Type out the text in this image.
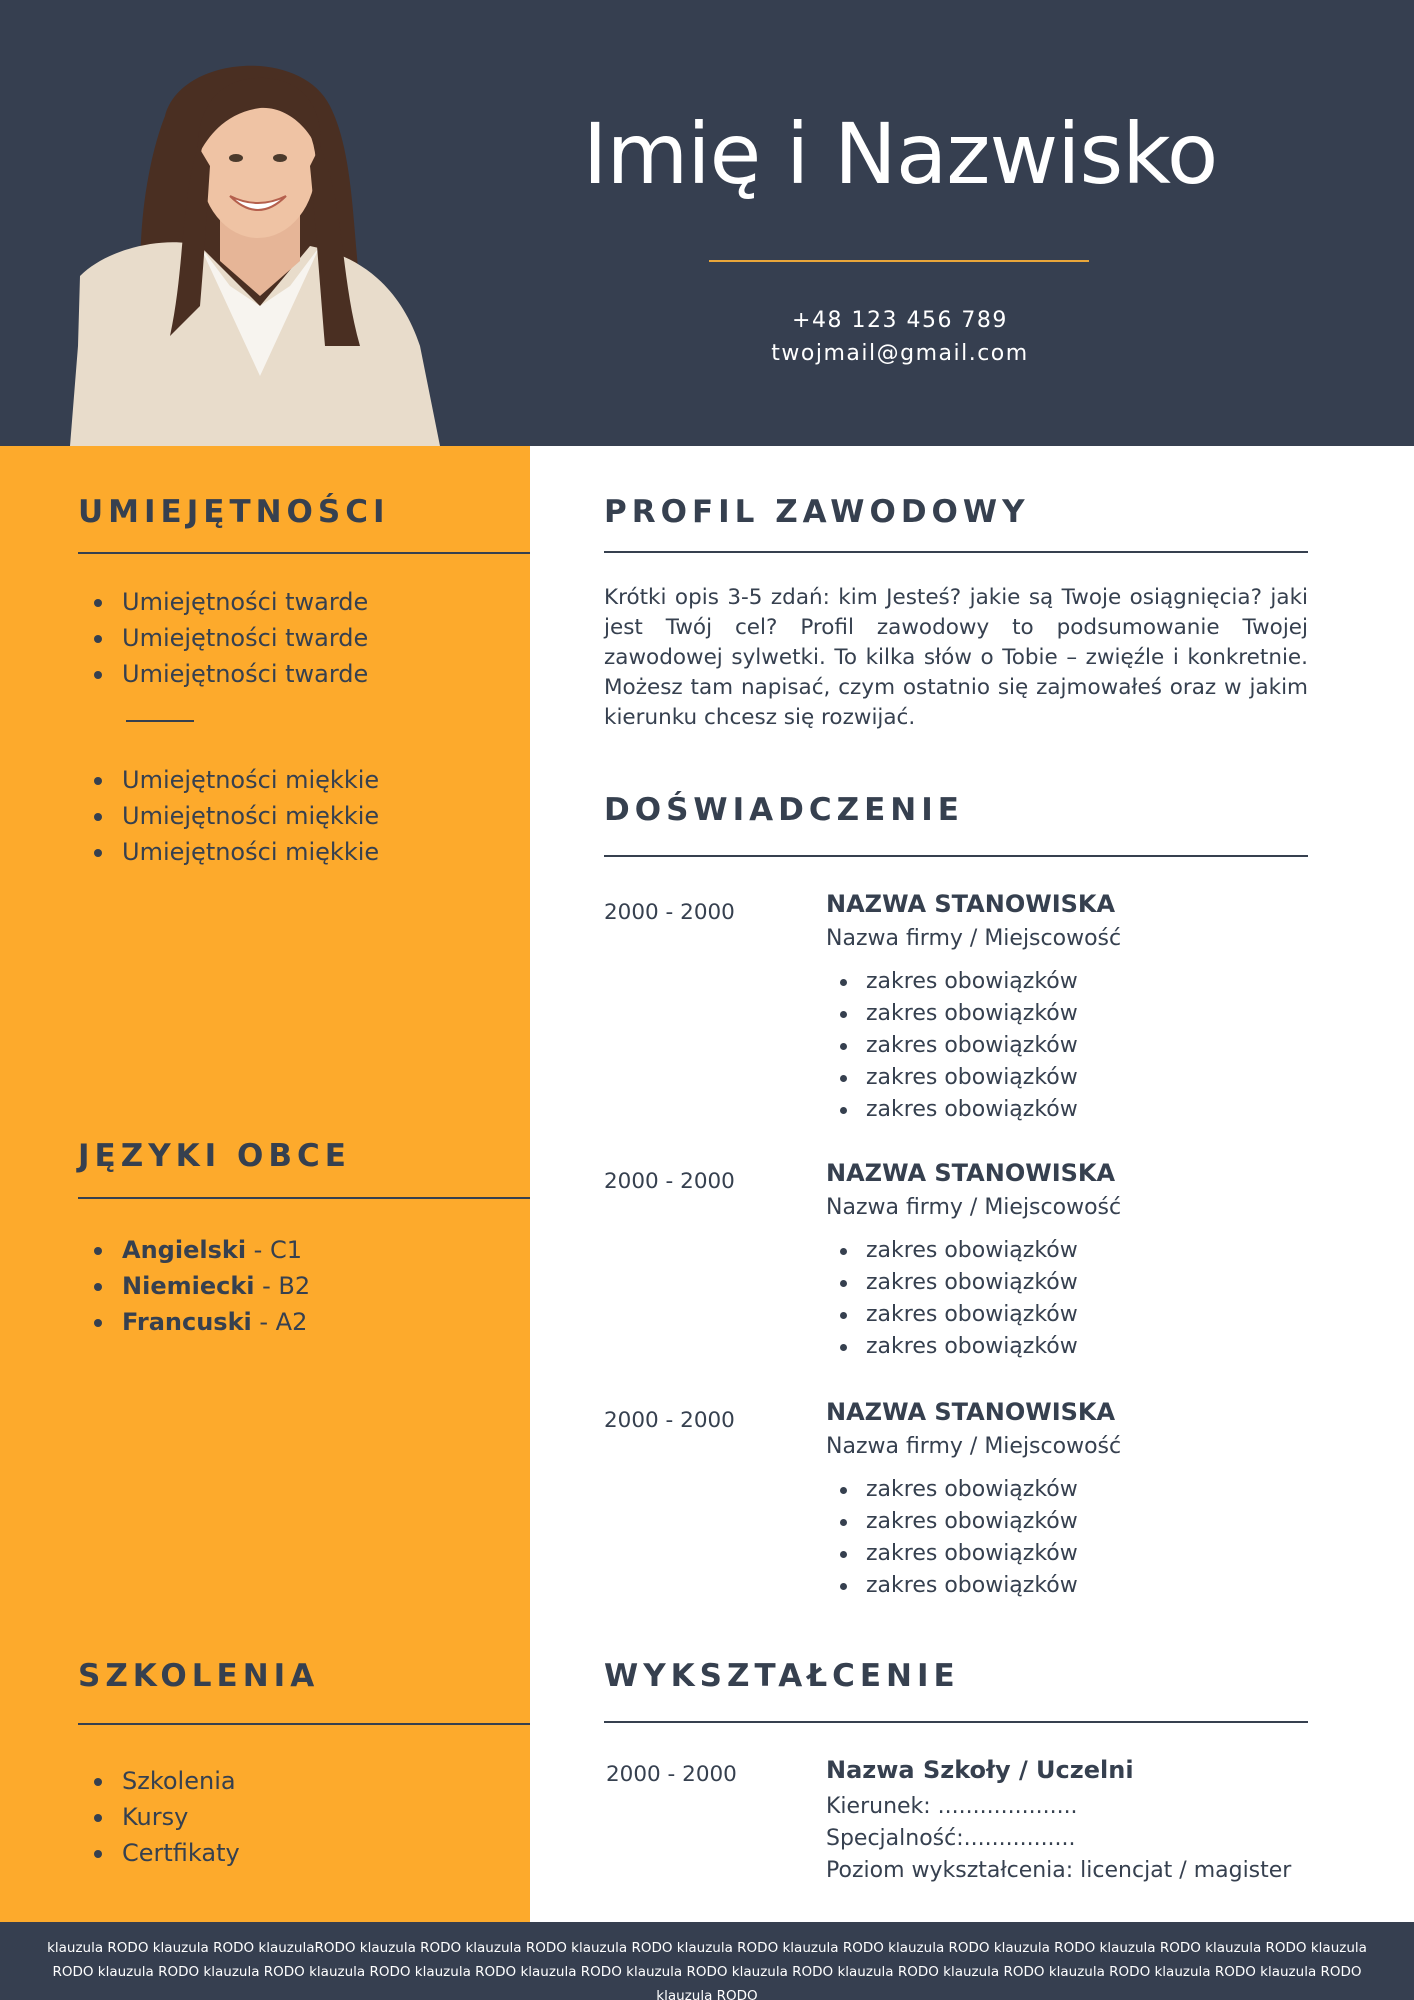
Imię i Nazwisko
+48 123 456 789
twojmail@gmail.com
UMIEJĘTNOŚCI
Umiejętności twarde
Umiejętności twarde
Umiejętności twarde
Umiejętności miękkie
Umiejętności miękkie
Umiejętności miękkie
JĘZYKI OBCE
Angielski - C1
Niemiecki - B2
Francuski - A2
SZKOLENIA
Szkolenia
Kursy
Certfikaty
PROFIL ZAWODOWY
Krótki opis 3-5 zdań: kim Jesteś? jakie są Twoje osiągnięcia? jaki jest Twój cel? Profil zawodowy to podsumowanie Twojej zawodowej sylwetki. To kilka słów o Tobie – zwięźle i konkretnie. Możesz tam napisać, czym ostatnio się zajmowałeś oraz w jakim kierunku chcesz się rozwijać.
DOŚWIADCZENIE
2000 - 2000	NAZWA STANOWISKA
Nazwa firmy / Miejscowość
zakres obowiązków
zakres obowiązków
zakres obowiązków
zakres obowiązków
zakres obowiązków
2000 - 2000	NAZWA STANOWISKA
Nazwa firmy / Miejscowość
zakres obowiązków
zakres obowiązków
zakres obowiązków
zakres obowiązków
2000 - 2000	NAZWA STANOWISKA
Nazwa firmy / Miejscowość
zakres obowiązków
zakres obowiązków
zakres obowiązków
zakres obowiązków
WYKSZTAŁCENIE
2000 - 2000	Nazwa Szkoły / Uczelni
Kierunek: ....................
Specjalność:................
Poziom wykształcenia: licencjat / magister
klauzula RODO klauzula RODO klauzulaRODO klauzula RODO klauzula RODO klauzula RODO klauzula RODO klauzula RODO klauzula RODO klauzula RODO klauzula RODO klauzula RODO klauzula RODO klauzula RODO klauzula RODO klauzula RODO klauzula RODO klauzula RODO klauzula RODO klauzula RODO klauzula RODO klauzula RODO klauzula RODO klauzula RODO klauzula RODO klauzula RODO
